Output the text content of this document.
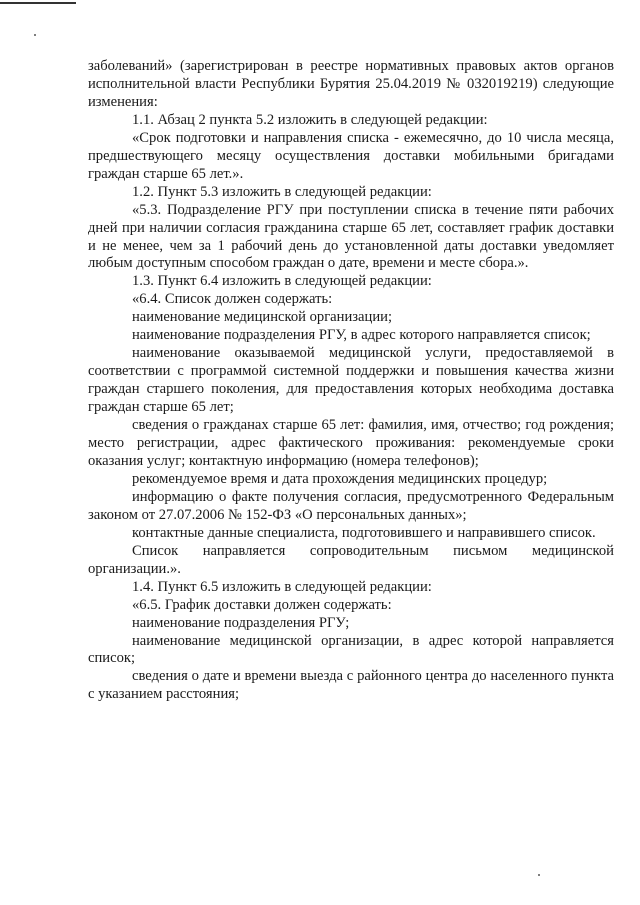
заболеваний» (зарегистрирован в реестре нормативных правовых актов органов исполнительной власти Республики Бурятия 25.04.2019 № 032019219) следующие изменения:

1.1. Абзац 2 пункта 5.2 изложить в следующей редакции:

«Срок подготовки и направления списка - ежемесячно, до 10 числа месяца, предшествующего месяцу осуществления доставки мобильными бригадами граждан старше 65 лет.».

1.2. Пункт 5.3 изложить в следующей редакции:

«5.3. Подразделение РГУ при поступлении списка в течение пяти рабочих дней при наличии согласия гражданина старше 65 лет, составляет график доставки и не менее, чем за 1 рабочий день до установленной даты доставки уведомляет любым доступным способом граждан о дате, времени и месте сбора.».

1.3. Пункт 6.4 изложить в следующей редакции:

«6.4. Список должен содержать:

наименование медицинской организации;

наименование подразделения РГУ, в адрес которого направляется список;

наименование оказываемой медицинской услуги, предоставляемой в соответствии с программой системной поддержки и повышения качества жизни граждан старшего поколения, для предоставления которых необходима доставка граждан старше 65 лет;

сведения о гражданах старше 65 лет: фамилия, имя, отчество; год рождения; место регистрации, адрес фактического проживания: рекомендуемые сроки оказания услуг; контактную информацию (номера телефонов);

рекомендуемое время и дата прохождения медицинских процедур;

информацию о факте получения согласия, предусмотренного Федеральным законом от 27.07.2006 № 152-ФЗ «О персональных данных»;

контактные данные специалиста, подготовившего и направившего список.

Список направляется сопроводительным письмом медицинской организации.».

1.4. Пункт 6.5 изложить в следующей редакции:

«6.5. График доставки должен содержать:

наименование подразделения РГУ;

наименование медицинской организации, в адрес которой направляется список;

сведения о дате и времени выезда с районного центра до населенного пункта с указанием расстояния;
